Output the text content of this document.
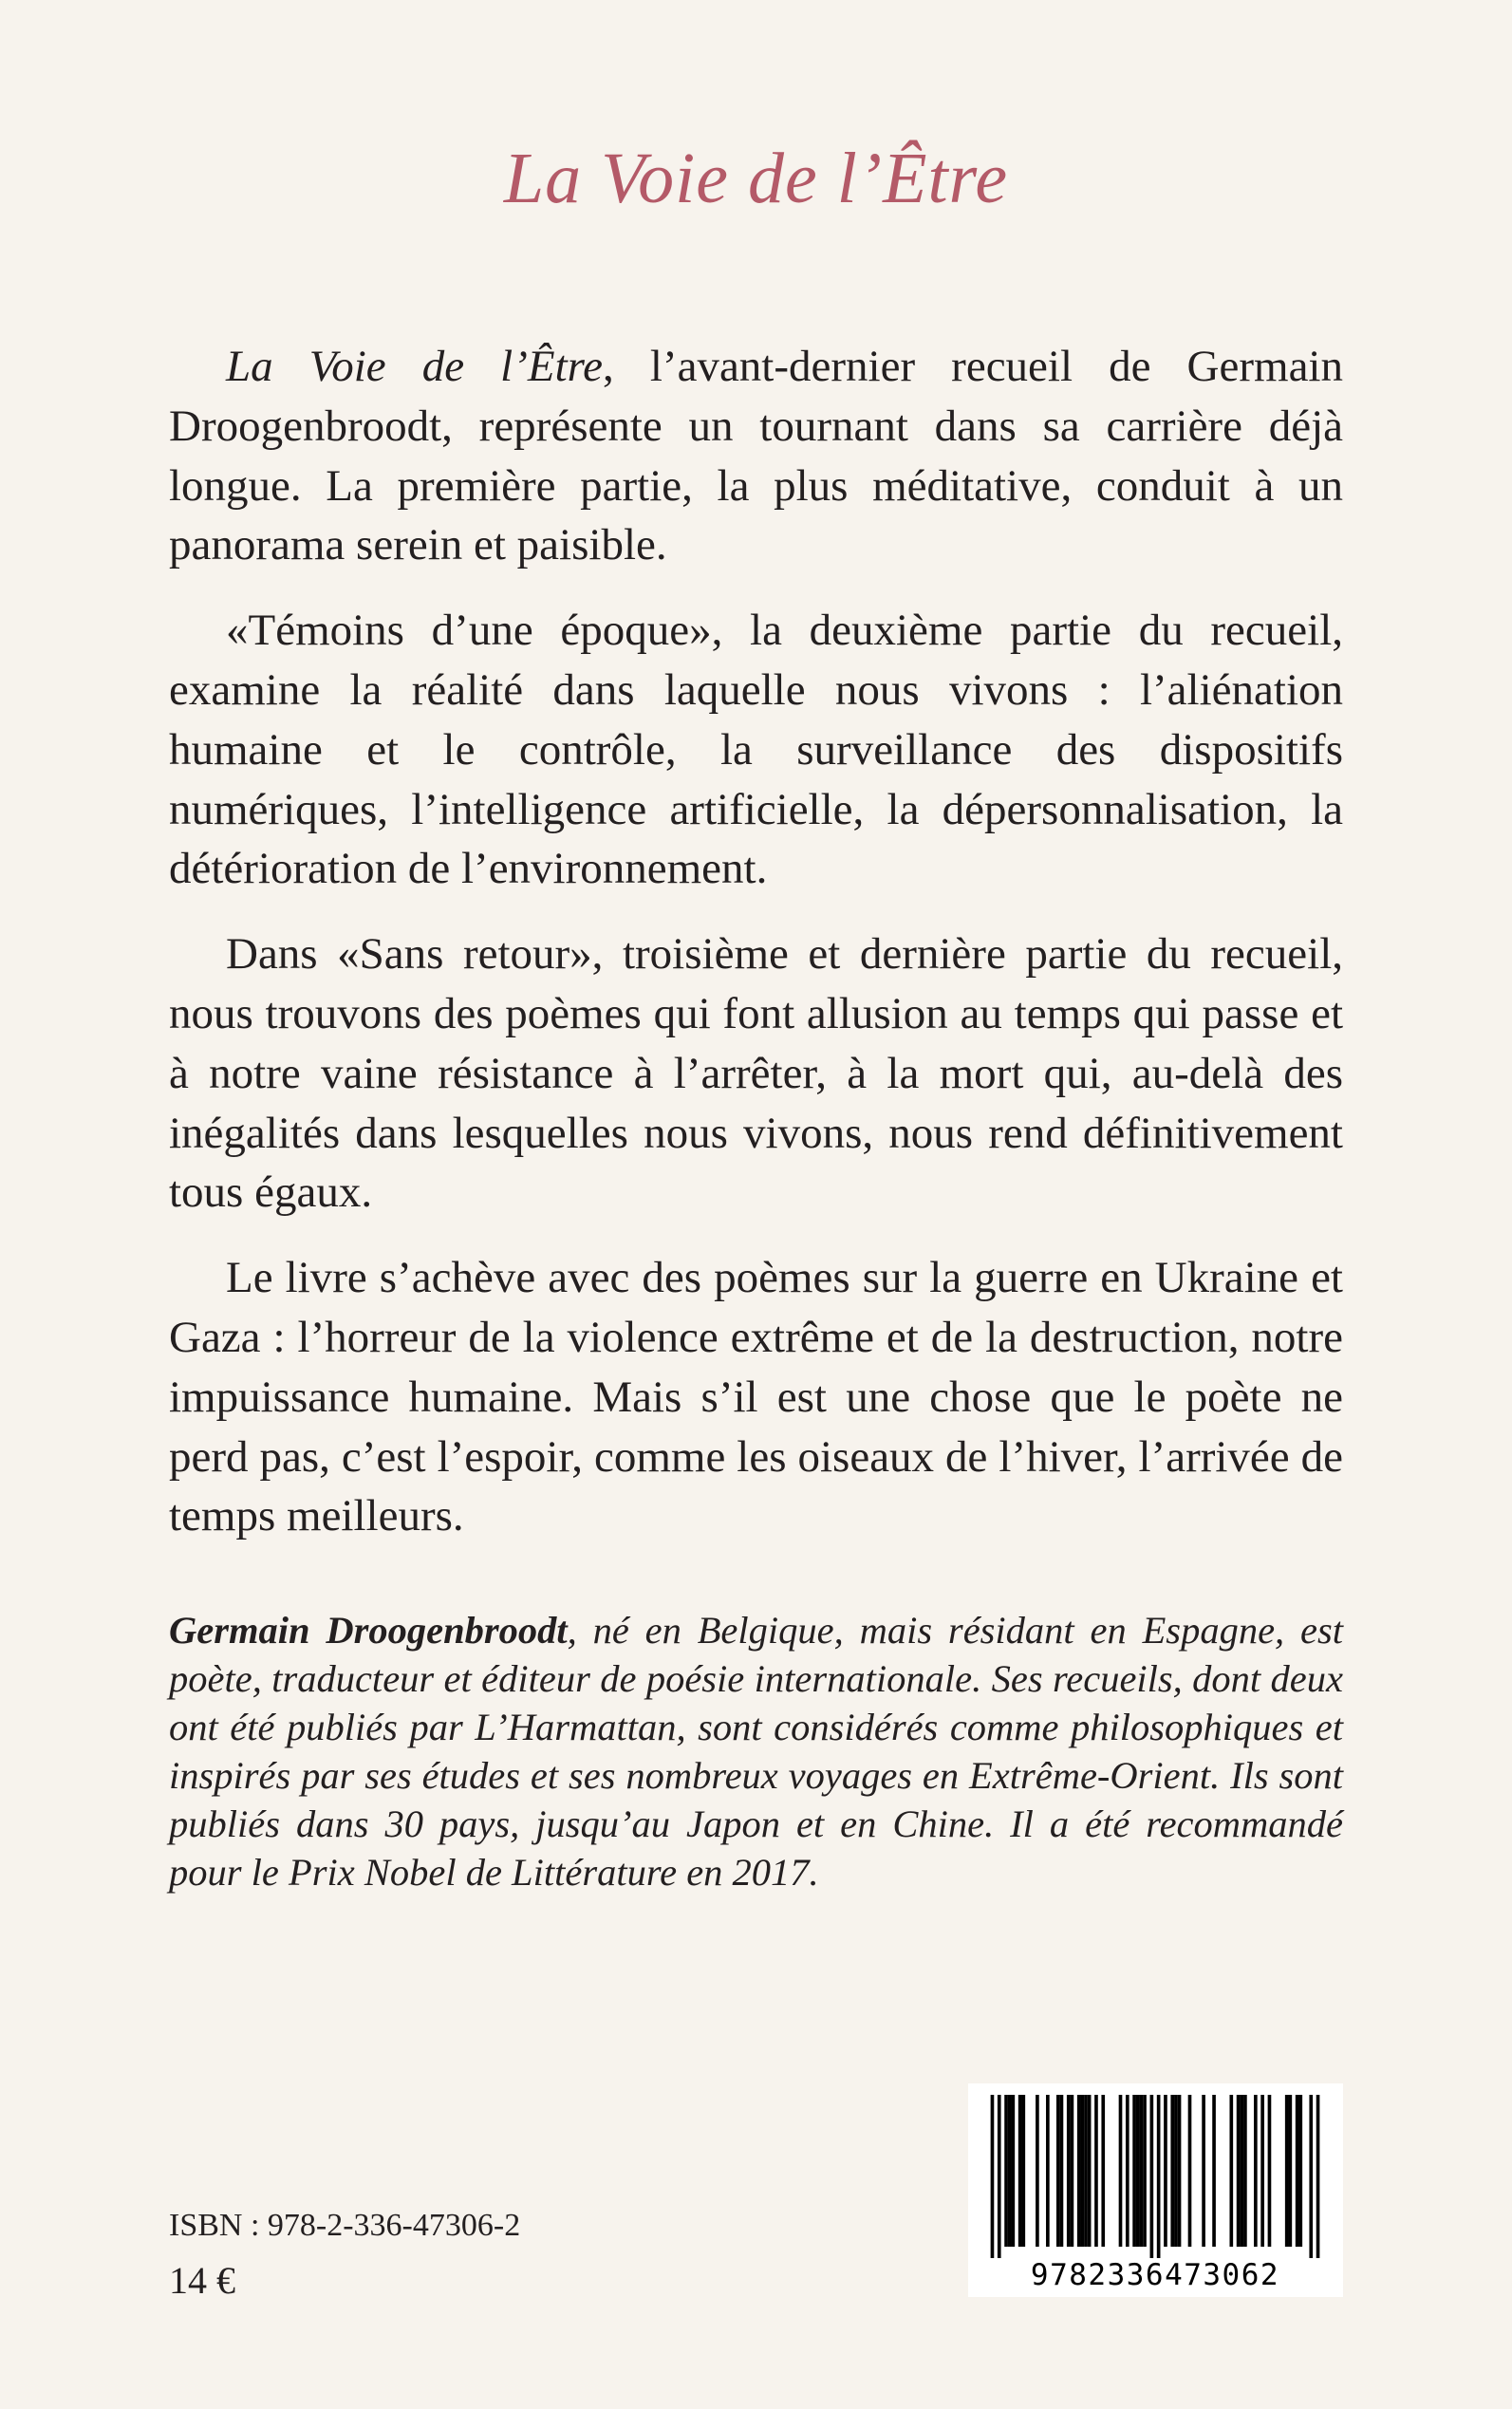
La Voie de l’Être

La Voie de l’Être, l’avant-dernier recueil de Germain Droogenbroodt, représente un tournant dans sa carrière déjà longue. La première partie, la plus méditative, conduit à un panorama serein et paisible.

«Témoins d’une époque», la deuxième partie du recueil, examine la réalité dans laquelle nous vivons : l’aliénation humaine et le contrôle, la surveillance des dispositifs numériques, l’intelligence artificielle, la dépersonnalisation, la détérioration de l’environnement.

Dans «Sans retour», troisième et dernière partie du recueil, nous trouvons des poèmes qui font allusion au temps qui passe et à notre vaine résistance à l’arrêter, à la mort qui, au-delà des inégalités dans lesquelles nous vivons, nous rend définitivement tous égaux.

Le livre s’achève avec des poèmes sur la guerre en Ukraine et Gaza : l’horreur de la violence extrême et de la destruction, notre impuissance humaine. Mais s’il est une chose que le poète ne perd pas, c’est l’espoir, comme les oiseaux de l’hiver, l’arrivée de temps meilleurs.

Germain Droogenbroodt, né en Belgique, mais résidant en Espagne, est poète, traducteur et éditeur de poésie internationale. Ses recueils, dont deux ont été publiés par L’Harmattan, sont considérés comme philosophiques et inspirés par ses études et ses nombreux voyages en Extrême-Orient. Ils sont publiés dans 30 pays, jusqu’au Japon et en Chine. Il a été recommandé pour le Prix Nobel de Littérature en 2017.
ISBN : 978-2-336-47306-2
14 €	9782336473062
